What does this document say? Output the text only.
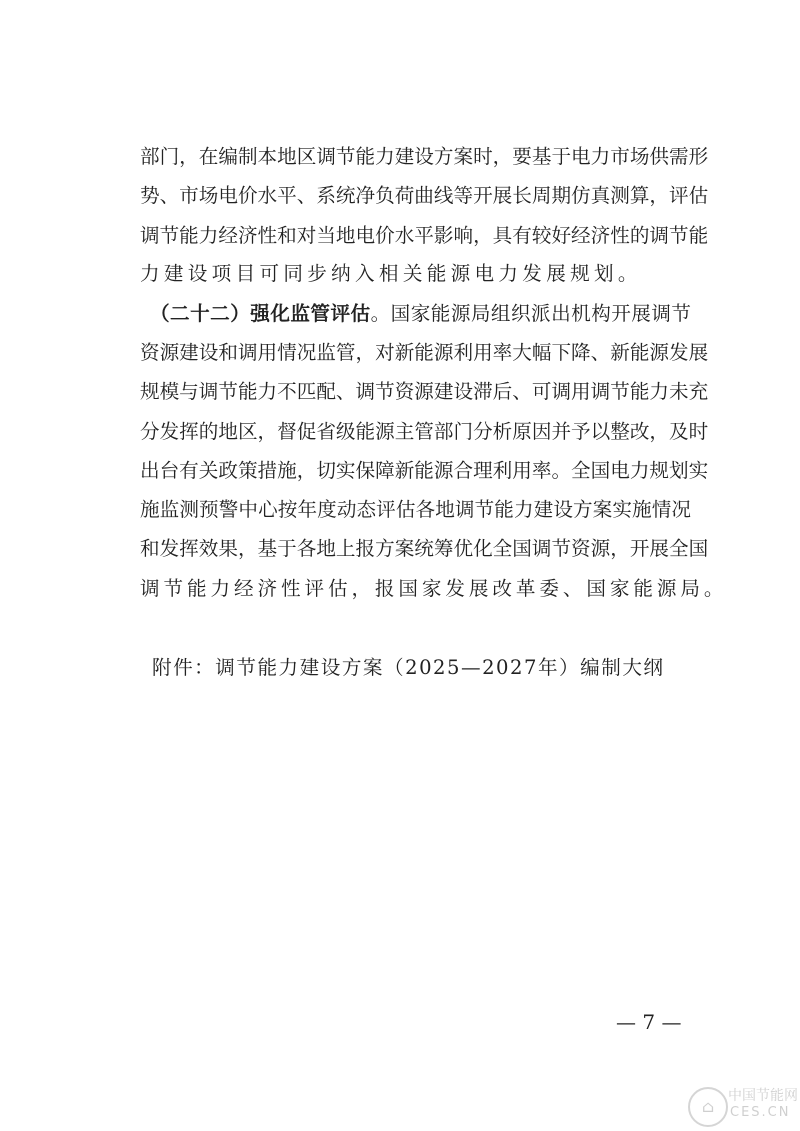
部门，在编制本地区调节能力建设方案时，要基于电力市场供需形
势、市场电价水平、系统净负荷曲线等开展长周期仿真测算，评估
调节能力经济性和对当地电价水平影响，具有较好经济性的调节能
力建设项目可同步纳入相关能源电力发展规划。
（二十二）强化监管评估。国家能源局组织派出机构开展调节
资源建设和调用情况监管，对新能源利用率大幅下降、新能源发展
规模与调节能力不匹配、调节资源建设滞后、可调用调节能力未充
分发挥的地区，督促省级能源主管部门分析原因并予以整改，及时
出台有关政策措施，切实保障新能源合理利用率。全国电力规划实
施监测预警中心按年度动态评估各地调节能力建设方案实施情况
和发挥效果，基于各地上报方案统筹优化全国调节资源，开展全国
调节能力经济性评估，报国家发展改革委、国家能源局。
附件：调节能力建设方案（2025—2027年）编制大纲
— 7 —
⌂
中国节能网
CES.CN
